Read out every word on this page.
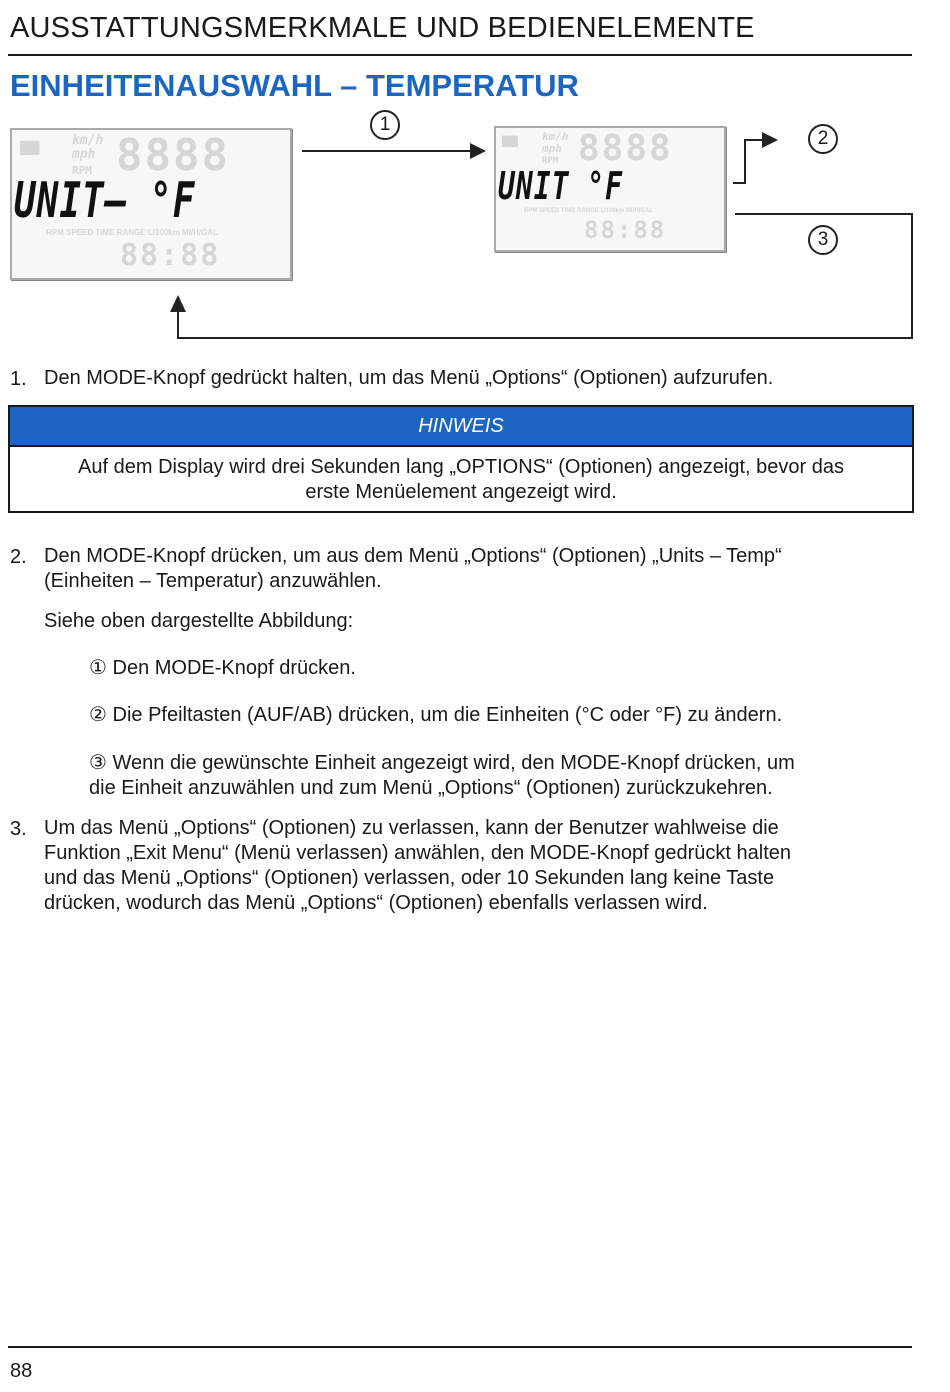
AUSSTATTUNGSMERKMALE UND BEDIENELEMENTE
EINHEITENAUSWAHL – TEMPERATUR
▆▆	km/h mph
RPM 8888
UNIT– °F
RPM SPEED TIME RANGE L/100km MI/H/GAL
88:88
▆▆ km/h mph
RPM 8888
UNIT °F
RPM SPEED TIME RANGE L/100km MI/H/GAL
88:88
1
2
3
1. Den MODE-Knopf gedrückt halten, um das Menü „Options“ (Optionen) aufzurufen.
HINWEIS
Auf dem Display wird drei Sekunden lang „OPTIONS“ (Optionen) angezeigt, bevor das
erste Menüelement angezeigt wird.
2. Den MODE-Knopf drücken, um aus dem Menü „Options“ (Optionen) „Units – Temp“
(Einheiten – Temperatur) anzuwählen.
Siehe oben dargestellte Abbildung:
① Den MODE-Knopf drücken.
② Die Pfeiltasten (AUF/AB) drücken, um die Einheiten (°C oder °F) zu ändern.
③ Wenn die gewünschte Einheit angezeigt wird, den MODE-Knopf drücken, um
die Einheit anzuwählen und zum Menü „Options“ (Optionen) zurückzukehren.
3. Um das Menü „Options“ (Optionen) zu verlassen, kann der Benutzer wahlweise die
Funktion „Exit Menu“ (Menü verlassen) anwählen, den MODE-Knopf gedrückt halten
und das Menü „Options“ (Optionen) verlassen, oder 10 Sekunden lang keine Taste
drücken, wodurch das Menü „Options“ (Optionen) ebenfalls verlassen wird.
88
